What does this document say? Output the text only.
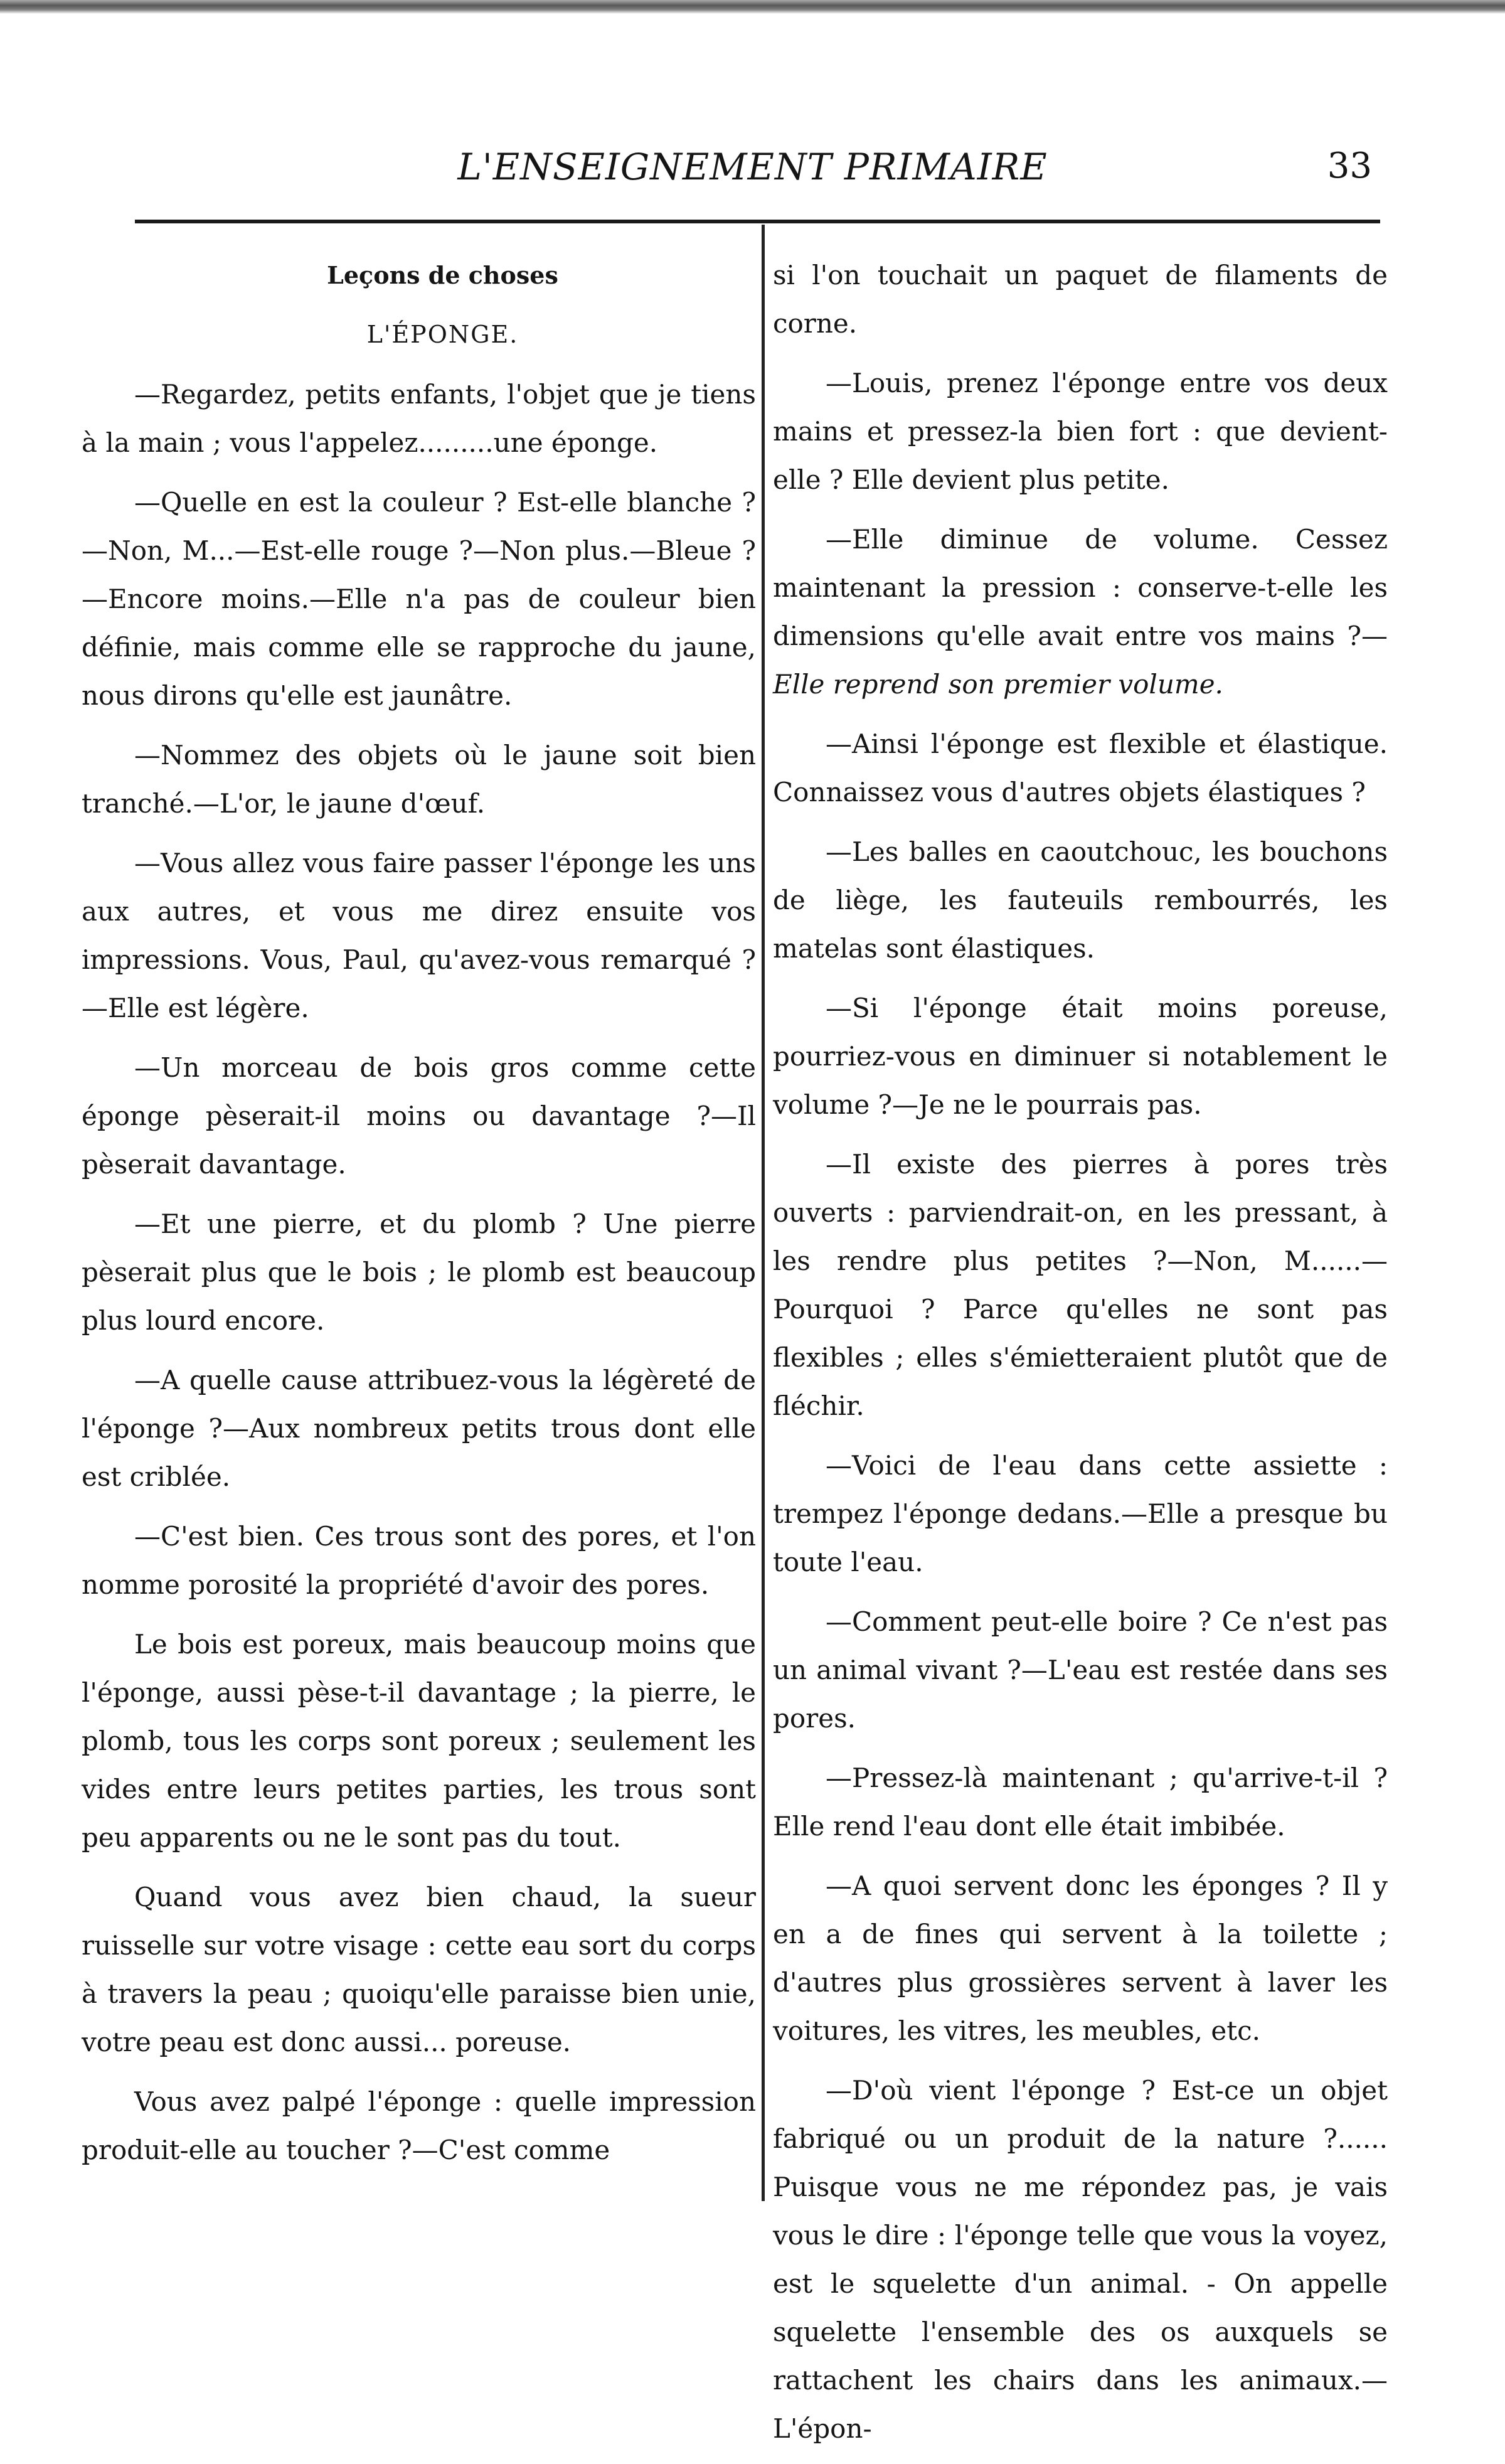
L'ENSEIGNEMENT PRIMAIRE	33

Leçons de choses

L'ÉPONGE.

—Regardez, petits enfants, l'objet que je tiens à la main ; vous l'appelez.........une éponge.

—Quelle en est la couleur ? Est-elle blanche ?—Non, M...—Est-elle rouge ?—Non plus.—Bleue ?—Encore moins.—Elle n'a pas de couleur bien définie, mais comme elle se rapproche du jaune, nous dirons qu'elle est jaunâtre.

—Nommez des objets où le jaune soit bien tranché.—L'or, le jaune d'œuf.

—Vous allez vous faire passer l'éponge les uns aux autres, et vous me direz ensuite vos impressions. Vous, Paul, qu'avez-vous remarqué ?—Elle est légère.

—Un morceau de bois gros comme cette éponge pèserait-il moins ou davantage ?—Il pèserait davantage.

—Et une pierre, et du plomb ? Une pierre pèserait plus que le bois ; le plomb est beaucoup plus lourd encore.

—A quelle cause attribuez-vous la légèreté de l'éponge ?—Aux nombreux petits trous dont elle est criblée.

—C'est bien. Ces trous sont des pores, et l'on nomme porosité la propriété d'avoir des pores.

Le bois est poreux, mais beaucoup moins que l'éponge, aussi pèse-t-il davantage ; la pierre, le plomb, tous les corps sont poreux ; seulement les vides entre leurs petites parties, les trous sont peu apparents ou ne le sont pas du tout.

Quand vous avez bien chaud, la sueur ruisselle sur votre visage : cette eau sort du corps à travers la peau ; quoiqu'elle paraisse bien unie, votre peau est donc aussi... poreuse.

Vous avez palpé l'éponge : quelle impression produit-elle au toucher ?—C'est comme

si l'on touchait un paquet de filaments de corne.

—Louis, prenez l'éponge entre vos deux mains et pressez-la bien fort : que devient-elle ? Elle devient plus petite.

—Elle diminue de volume. Cessez maintenant la pression : conserve-t-elle les dimensions qu'elle avait entre vos mains ?—Elle reprend son premier volume.

—Ainsi l'éponge est flexible et élastique. Connaissez vous d'autres objets élastiques ?

—Les balles en caoutchouc, les bouchons de liège, les fauteuils rembourrés, les matelas sont élastiques.

—Si l'éponge était moins poreuse, pourriez-vous en diminuer si notablement le volume ?—Je ne le pourrais pas.

—Il existe des pierres à pores très ouverts : parviendrait-on, en les pressant, à les rendre plus petites ?—Non, M......—Pourquoi ? Parce qu'elles ne sont pas flexibles ; elles s'émietteraient plutôt que de fléchir.

—Voici de l'eau dans cette assiette : trempez l'éponge dedans.—Elle a presque bu toute l'eau.

—Comment peut-elle boire ? Ce n'est pas un animal vivant ?—L'eau est restée dans ses pores.

—Pressez-là maintenant ; qu'arrive-t-il ? Elle rend l'eau dont elle était imbibée.

—A quoi servent donc les éponges ? Il y en a de fines qui servent à la toilette ; d'autres plus grossières servent à laver les voitures, les vitres, les meubles, etc.

—D'où vient l'éponge ? Est-ce un objet fabriqué ou un produit de la nature ?...... Puisque vous ne me répondez pas, je vais vous le dire : l'éponge telle que vous la voyez, est le squelette d'un animal. - On appelle squelette l'ensemble des os auxquels se rattachent les chairs dans les animaux.—L'épon-
